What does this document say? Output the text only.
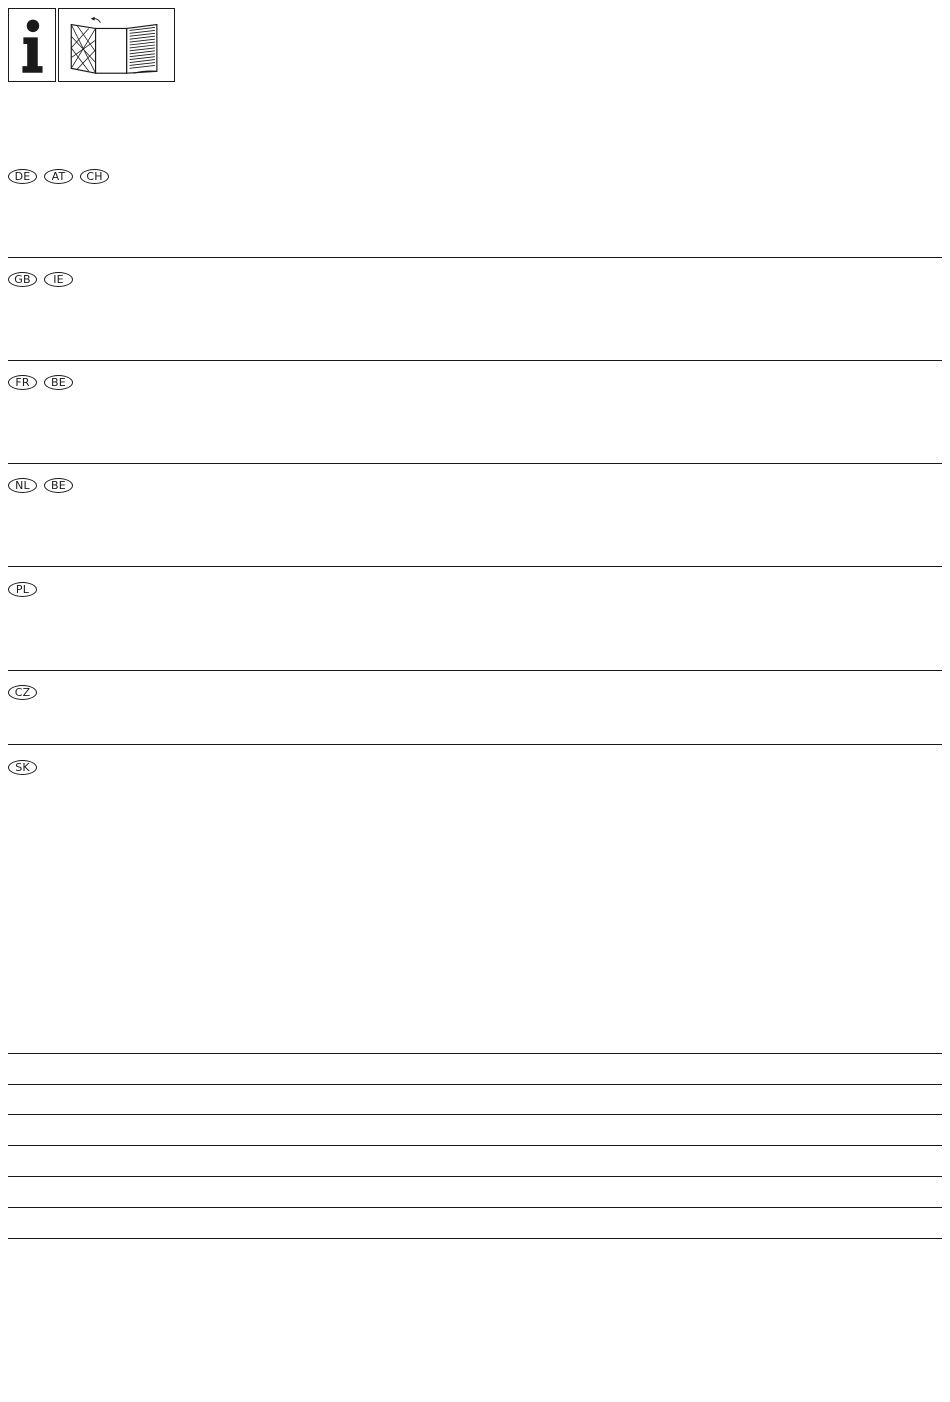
DE	AT	CH
GB	IE
FR	BE
NL	BE
PL
CZ
SK
